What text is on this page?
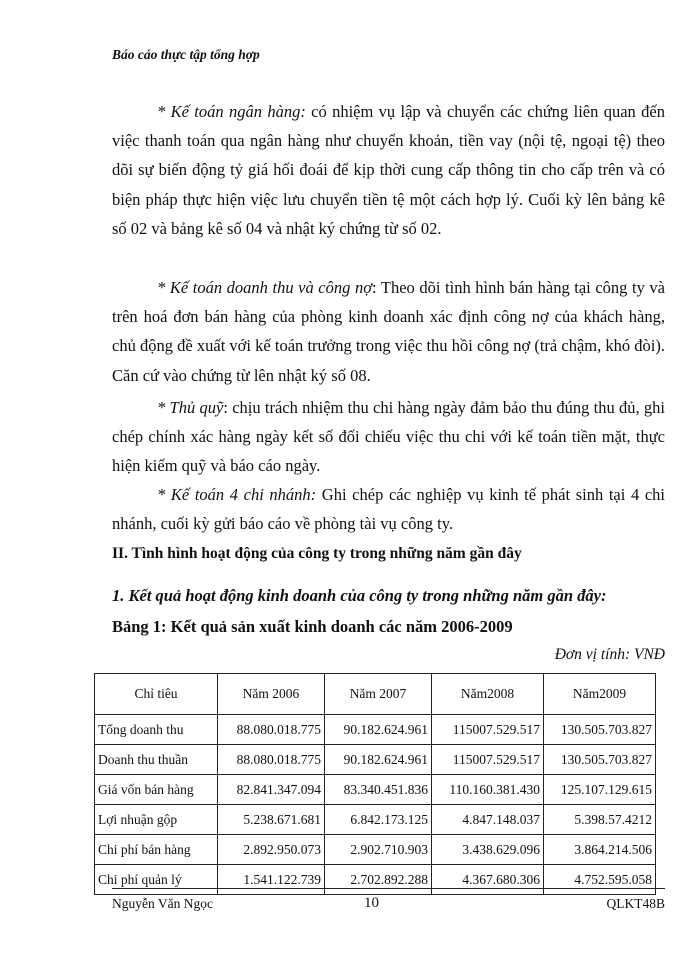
Báo cáo thực tập tổng hợp

* Kế toán ngân hàng: có nhiệm vụ lập và chuyển các chứng liên quan đến việc thanh toán qua ngân hàng như chuyển khoản, tiền vay (nội tệ, ngoại tệ) theo dõi sự biến động tỷ giá hối đoái để kịp thời cung cấp thông tin cho cấp trên và có biện pháp thực hiện việc lưu chuyển tiền tệ một cách hợp lý. Cuối kỳ lên bảng kê số 02 và bảng kê số 04 và nhật ký chứng từ số 02.

* Kế toán doanh thu và công nợ: Theo dõi tình hình bán hàng tại công ty và trên hoá đơn bán hàng của phòng kinh doanh xác định công nợ của khách hàng, chủ động đề xuất với kế toán trưởng trong việc thu hồi công nợ (trả chậm, khó đòi). Căn cứ vào chứng từ lên nhật ký số 08.

* Thủ quỹ: chịu trách nhiệm thu chi hàng ngày đảm bảo thu đúng thu đủ, ghi chép chính xác hàng ngày kết số đối chiếu việc thu chi với kế toán tiền mặt, thực hiện kiểm quỹ và báo cáo ngày.

* Kế toán 4 chi nhánh: Ghi chép các nghiệp vụ kinh tế phát sinh tại 4 chi nhánh, cuối kỳ gửi báo cáo về phòng tài vụ công ty.

II. Tình hình hoạt động của công ty trong những năm gần đây
1. Kết quả hoạt động kinh doanh của công ty trong những năm gần đây:
Bảng 1: Kết quả sản xuất kinh doanh các năm 2006-2009
Đơn vị tính: VNĐ
Chỉ tiêu	Năm 2006	Năm 2007	Năm2008	Năm2009
Tổng doanh thu	88.080.018.775	90.182.624.961	115007.529.517	130.505.703.827
Doanh thu thuần	88.080.018.775	90.182.624.961	115007.529.517	130.505.703.827
Giá vốn bán hàng	82.841.347.094	83.340.451.836	110.160.381.430	125.107.129.615
Lợi nhuận gộp	5.238.671.681	6.842.173.125	4.847.148.037	5.398.57.4212
Chi phí bán hàng	2.892.950.073	2.902.710.903	3.438.629.096	3.864.214.506
Chi phí quản lý	1.541.122.739	2.702.892.288	4.367.680.306	4.752.595.058
Nguyễn Văn Ngọc	10	QLKT48B
